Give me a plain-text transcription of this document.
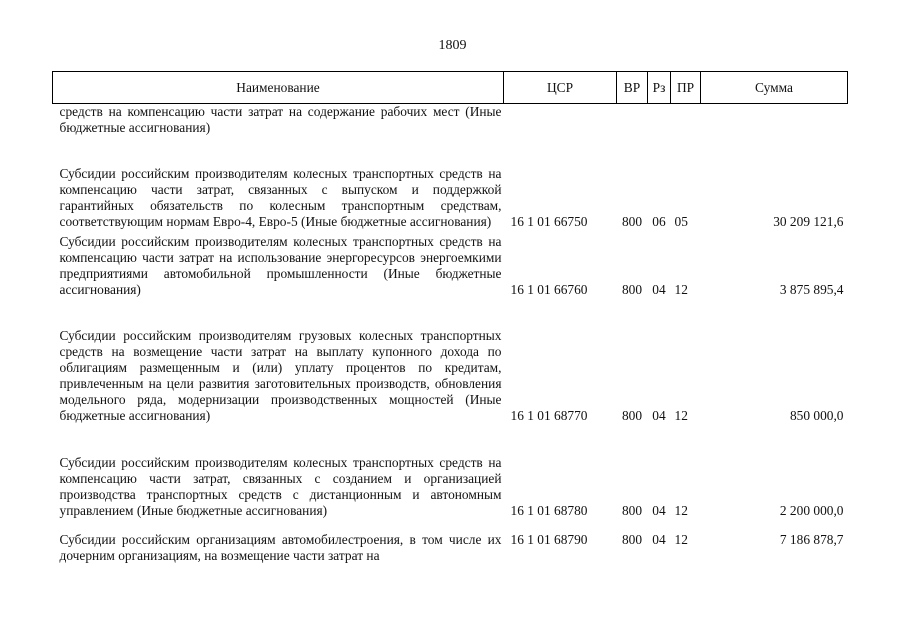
1809
Наименование	ЦСР	ВР	Рз	ПР	Сумма
средств на компенсацию части затрат на содержание рабочих мест (Иные бюджетные ассигнования)					
Субсидии российским производителям колесных транспортных средств на компенсацию части затрат, связанных с выпуском и поддержкой гарантийных обязательств по колесным транспортным средствам, соответствующим нормам Евро-4, Евро-5 (Иные бюджетные ассигнования)	16 1 01 66750	800	06	05	30 209 121,6
Субсидии российским производителям колесных транспортных средств на компенсацию части затрат на использование энергоресурсов энергоемкими предприятиями автомобильной промышленности (Иные бюджетные ассигнования)	16 1 01 66760	800	04	12	3 875 895,4
Субсидии российским производителям грузовых колесных транспортных средств на возмещение части затрат на выплату купонного дохода по облигациям размещенным и (или) уплату процентов по кредитам, привлеченным на цели развития заготовительных производств, обновления модельного ряда, модернизации производственных мощностей (Иные бюджетные ассигнования)	16 1 01 68770	800	04	12	850 000,0
Субсидии российским производителям колесных транспортных средств на компенсацию части затрат, связанных с созданием и организацией производства транспортных средств с дистанционным и автономным управлением (Иные бюджетные ассигнования)	16 1 01 68780	800	04	12	2 200 000,0
Субсидии российским организациям автомобилестроения, в том числе их дочерним организациям, на возмещение части затрат на	16 1 01 68790	800	04	12	7 186 878,7
